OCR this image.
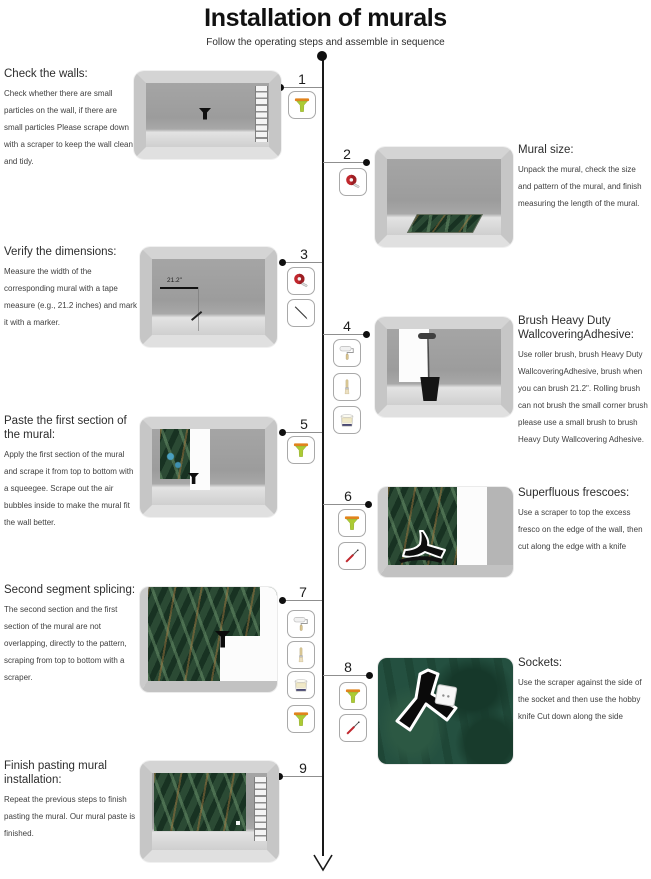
Installation of murals
Follow the operating steps and assemble in sequence
1
2
3
4
5
6
7
8
9
Check the walls:

Check whether there are small particles on the wall, if there are small particles Please scrape down with a scraper to keep the wall clean and tidy.

Mural size:

Unpack the mural, check the size and pattern of the mural, and finish measuring the length of the mural.

Verify the dimensions:

Measure the width of the corresponding mural with a tape measure (e.g., 21.2 inches) and mark it with a marker.

21.2"
Brush Heavy Duty WallcoveringAdhesive:

Use roller brush, brush Heavy Duty WallcoveringAdhesive, brush when you can brush 21.2". Rolling brush can not brush the small corner brush please use a small brush to brush Heavy Duty Wallcovering Adhesive.

Paste the first section of the mural:

Apply the first section of the mural and scrape it from top to bottom with a squeegee. Scrape out the air bubbles inside to make the mural fit the wall better.

Superfluous frescoes:

Use a scraper to top the excess fresco on the edge of the wall, then cut along the edge with a knife

Second segment splicing:

The second section and the first section of the mural are not overlapping, directly to the pattern, scraping from top to bottom with a scraper.

Sockets:

Use the scraper against the side of the socket and then use the hobby knife Cut down along the side

Finish pasting mural installation:

Repeat the previous steps to finish pasting the mural. Our mural paste is finished.
